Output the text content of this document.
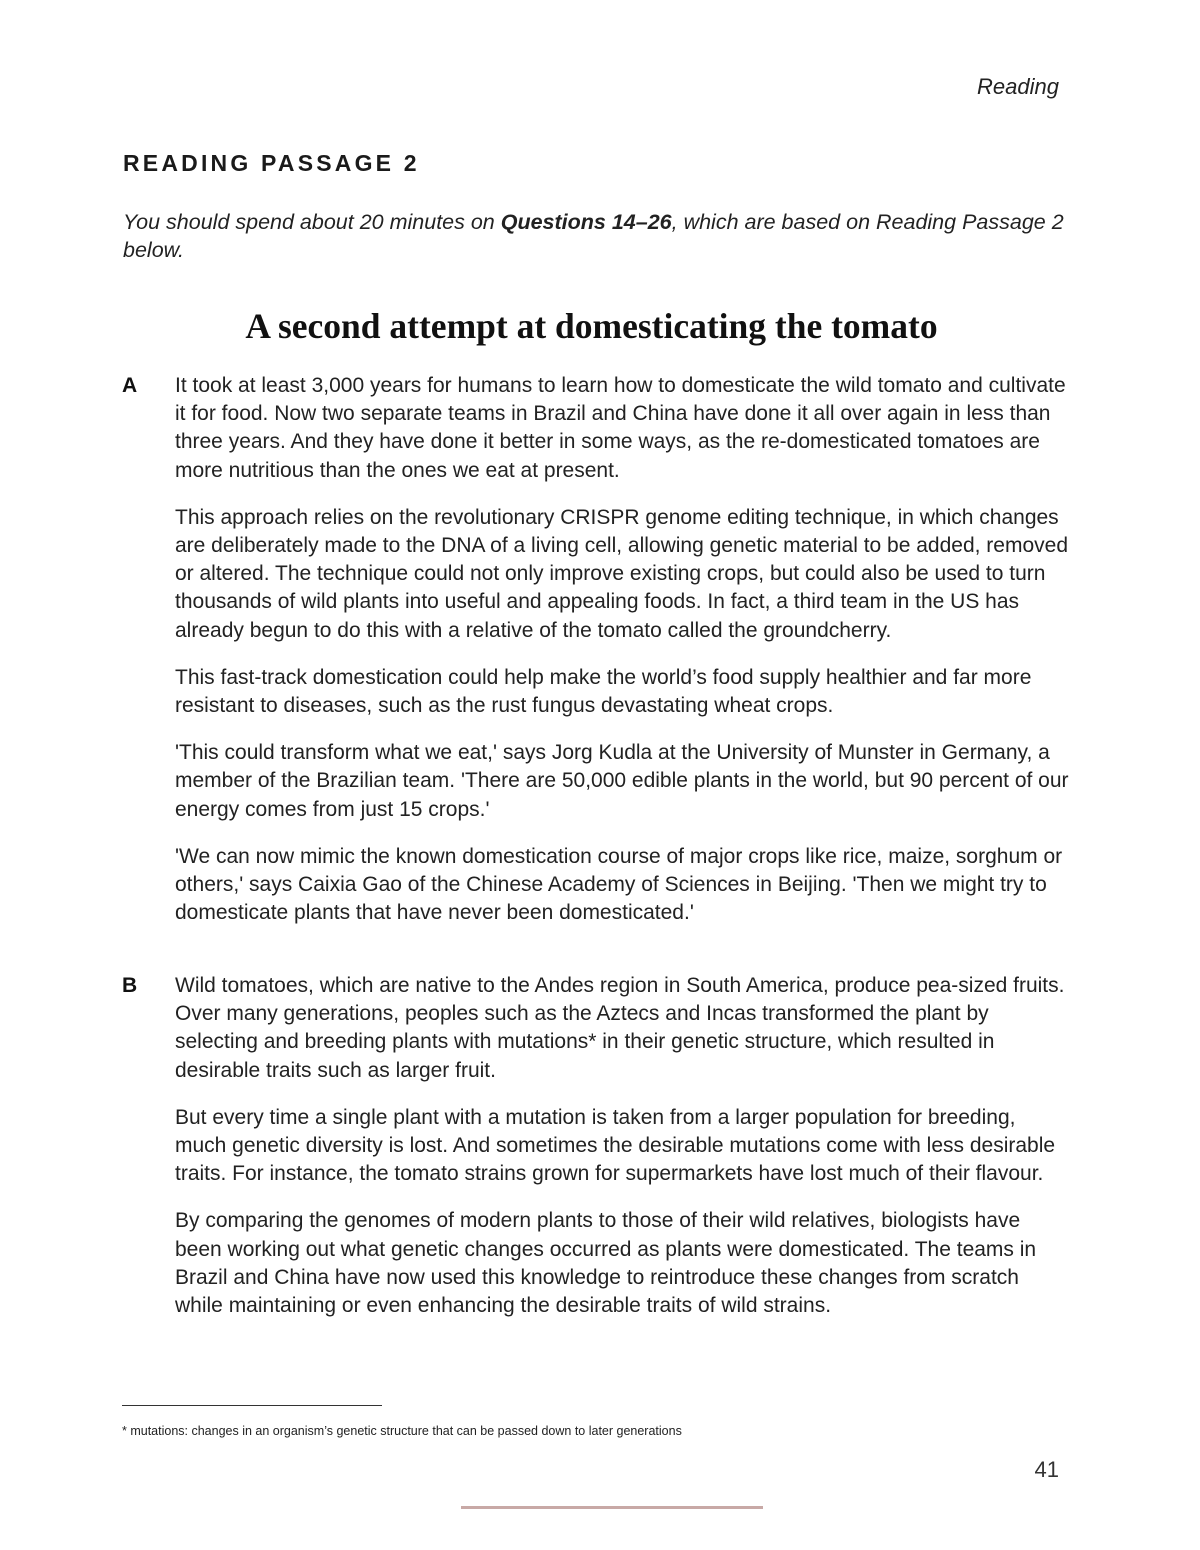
Reading
READING PASSAGE 2
You should spend about 20 minutes on Questions 14–26, which are based on Reading Passage 2 below.
A second attempt at domesticating the tomato
A It took at least 3,000 years for humans to learn how to domesticate the wild tomato and cultivate it for food. Now two separate teams in Brazil and China have done it all over again in less than three years. And they have done it better in some ways, as the re-domesticated tomatoes are more nutritious than the ones we eat at present.

This approach relies on the revolutionary CRISPR genome editing technique, in which changes are deliberately made to the DNA of a living cell, allowing genetic material to be added, removed or altered. The technique could not only improve existing crops, but could also be used to turn thousands of wild plants into useful and appealing foods. In fact, a third team in the US has already begun to do this with a relative of the tomato called the groundcherry.

This fast-track domestication could help make the world’s food supply healthier and far more resistant to diseases, such as the rust fungus devastating wheat crops.

'This could transform what we eat,' says Jorg Kudla at the University of Munster in Germany, a member of the Brazilian team. 'There are 50,000 edible plants in the world, but 90 percent of our energy comes from just 15 crops.'

'We can now mimic the known domestication course of major crops like rice, maize, sorghum or others,' says Caixia Gao of the Chinese Academy of Sciences in Beijing. 'Then we might try to domesticate plants that have never been domesticated.'

B Wild tomatoes, which are native to the Andes region in South America, produce pea-sized fruits. Over many generations, peoples such as the Aztecs and Incas transformed the plant by selecting and breeding plants with mutations* in their genetic structure, which resulted in desirable traits such as larger fruit.

But every time a single plant with a mutation is taken from a larger population for breeding, much genetic diversity is lost. And sometimes the desirable mutations come with less desirable traits. For instance, the tomato strains grown for supermarkets have lost much of their flavour.

By comparing the genomes of modern plants to those of their wild relatives, biologists have been working out what genetic changes occurred as plants were domesticated. The teams in Brazil and China have now used this knowledge to reintroduce these changes from scratch while maintaining or even enhancing the desirable traits of wild strains.

* mutations: changes in an organism’s genetic structure that can be passed down to later generations
41
